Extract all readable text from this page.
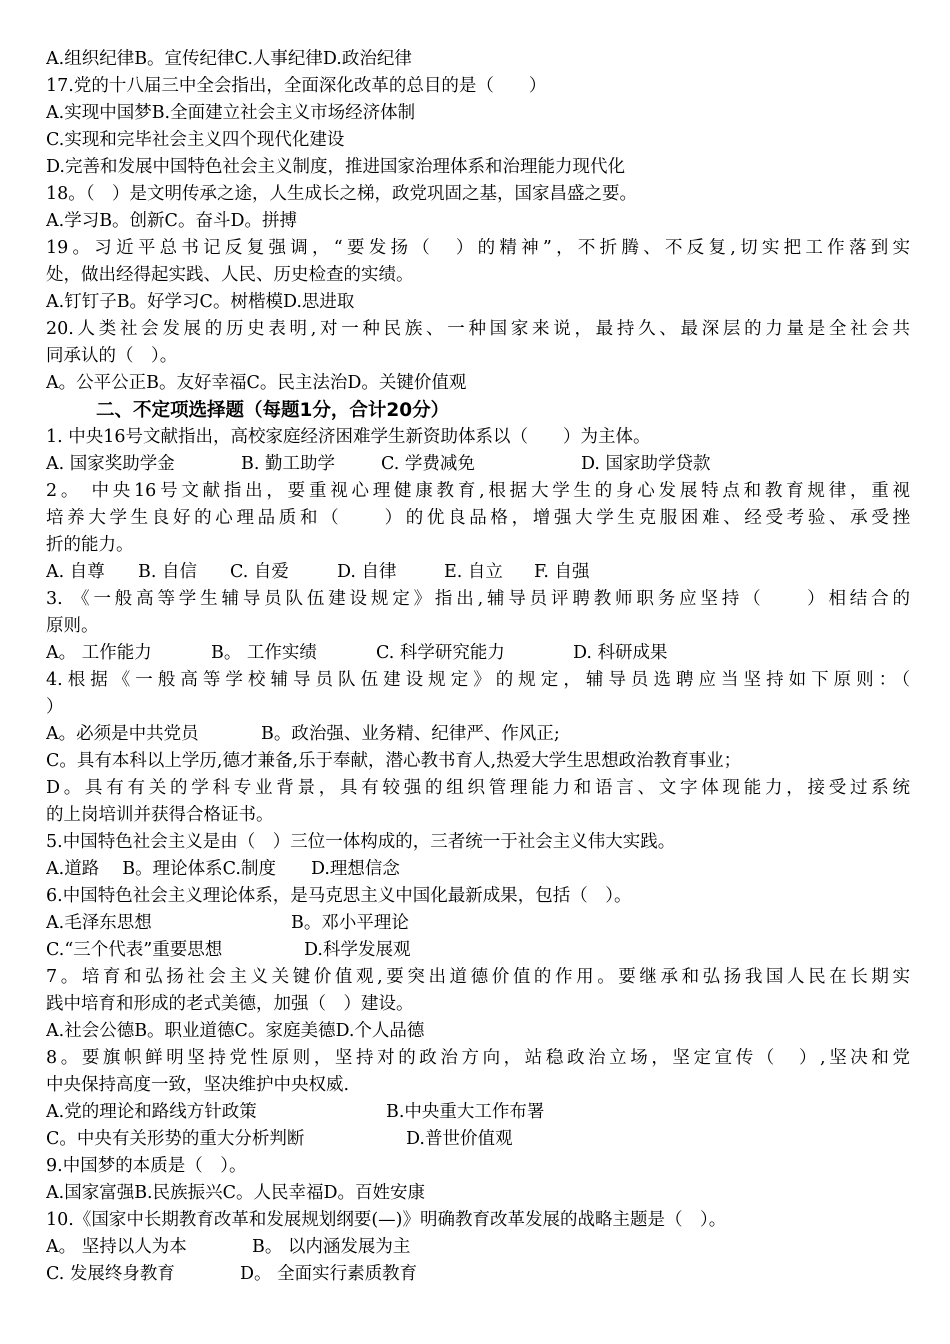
A.组织纪律B。宣传纪律C.人事纪律D.政治纪律
17.党的十八届三中全会指出，全面深化改革的总目的是（　　）
A.实现中国梦B.全面建立社会主义市场经济体制
C.实现和完毕社会主义四个现代化建设
D.完善和发展中国特色社会主义制度，推进国家治理体系和治理能力现代化
18。（　）是文明传承之途，人生成长之梯，政党巩固之基，国家昌盛之要。
A.学习B。创新C。奋斗D。拼搏
19。习近平总书记反复强调，“要发扬（　）的精神”，不折腾、不反复,切实把工作落到实
处，做出经得起实践、人民、历史检查的实绩。
A.钉钉子B。好学习C。树楷模D.思进取
20.人类社会发展的历史表明,对一种民族、一种国家来说，最持久、最深层的力量是全社会共
同承认的（　）。
A。公平公正B。友好幸福C。民主法治D。关键价值观
二、不定项选择题（每题1分，合计20分）
1. 中央16号文献指出，高校家庭经济困难学生新资助体系以（　　）为主体。
A. 国家奖助学金	B. 勤工助学	C. 学费减免	D. 国家助学贷款
2。 中央16号文献指出，要重视心理健康教育,根据大学生的身心发展特点和教育规律，重视
培养大学生良好的心理品质和（　　）的优良品格，增强大学生克服困难、经受考验、承受挫
折的能力。
A. 自尊	B. 自信	C. 自爱	D. 自律	E. 自立	F. 自强
3. 《一般高等学生辅导员队伍建设规定》指出,辅导员评聘教师职务应坚持（　　）相结合的
原则。
A。 工作能力	B。 工作实绩	C. 科学研究能力	D. 科研成果
4.根据《一般高等学校辅导员队伍建设规定》的规定，辅导员选聘应当坚持如下原则：（
）
A。必须是中共党员	B。政治强、业务精、纪律严、作风正;
C。具有本科以上学历,德才兼备,乐于奉献，潜心教书育人,热爱大学生思想政治教育事业；
D。具有有关的学科专业背景，具有较强的组织管理能力和语言、文字体现能力，接受过系统
的上岗培训并获得合格证书。
5.中国特色社会主义是由（　）三位一体构成的，三者统一于社会主义伟大实践。
A.道路　 B。理论体系C.制度　　D.理想信念
6.中国特色社会主义理论体系，是马克思主义中国化最新成果，包括（　）。
A.毛泽东思想	B。邓小平理论
C.“三个代表”重要思想	D.科学发展观
7。培育和弘扬社会主义关键价值观,要突出道德价值的作用。要继承和弘扬我国人民在长期实
践中培育和形成的老式美德，加强（　）建设。
A.社会公德B。职业道德C。家庭美德D.个人品德
8。要旗帜鲜明坚持党性原则，坚持对的政治方向，站稳政治立场，坚定宣传（　）,坚决和党
中央保持高度一致，坚决维护中央权威.
A.党的理论和路线方针政策	B.中央重大工作布署
C。中央有关形势的重大分析判断	D.普世价值观
9.中国梦的本质是（　）。
A.国家富强B.民族振兴C。人民幸福D。百姓安康
10.《国家中长期教育改革和发展规划纲要(—)》明确教育改革发展的战略主题是（　）。
A。 坚持以人为本	B。 以内涵发展为主
C. 发展终身教育	D。 全面实行素质教育
